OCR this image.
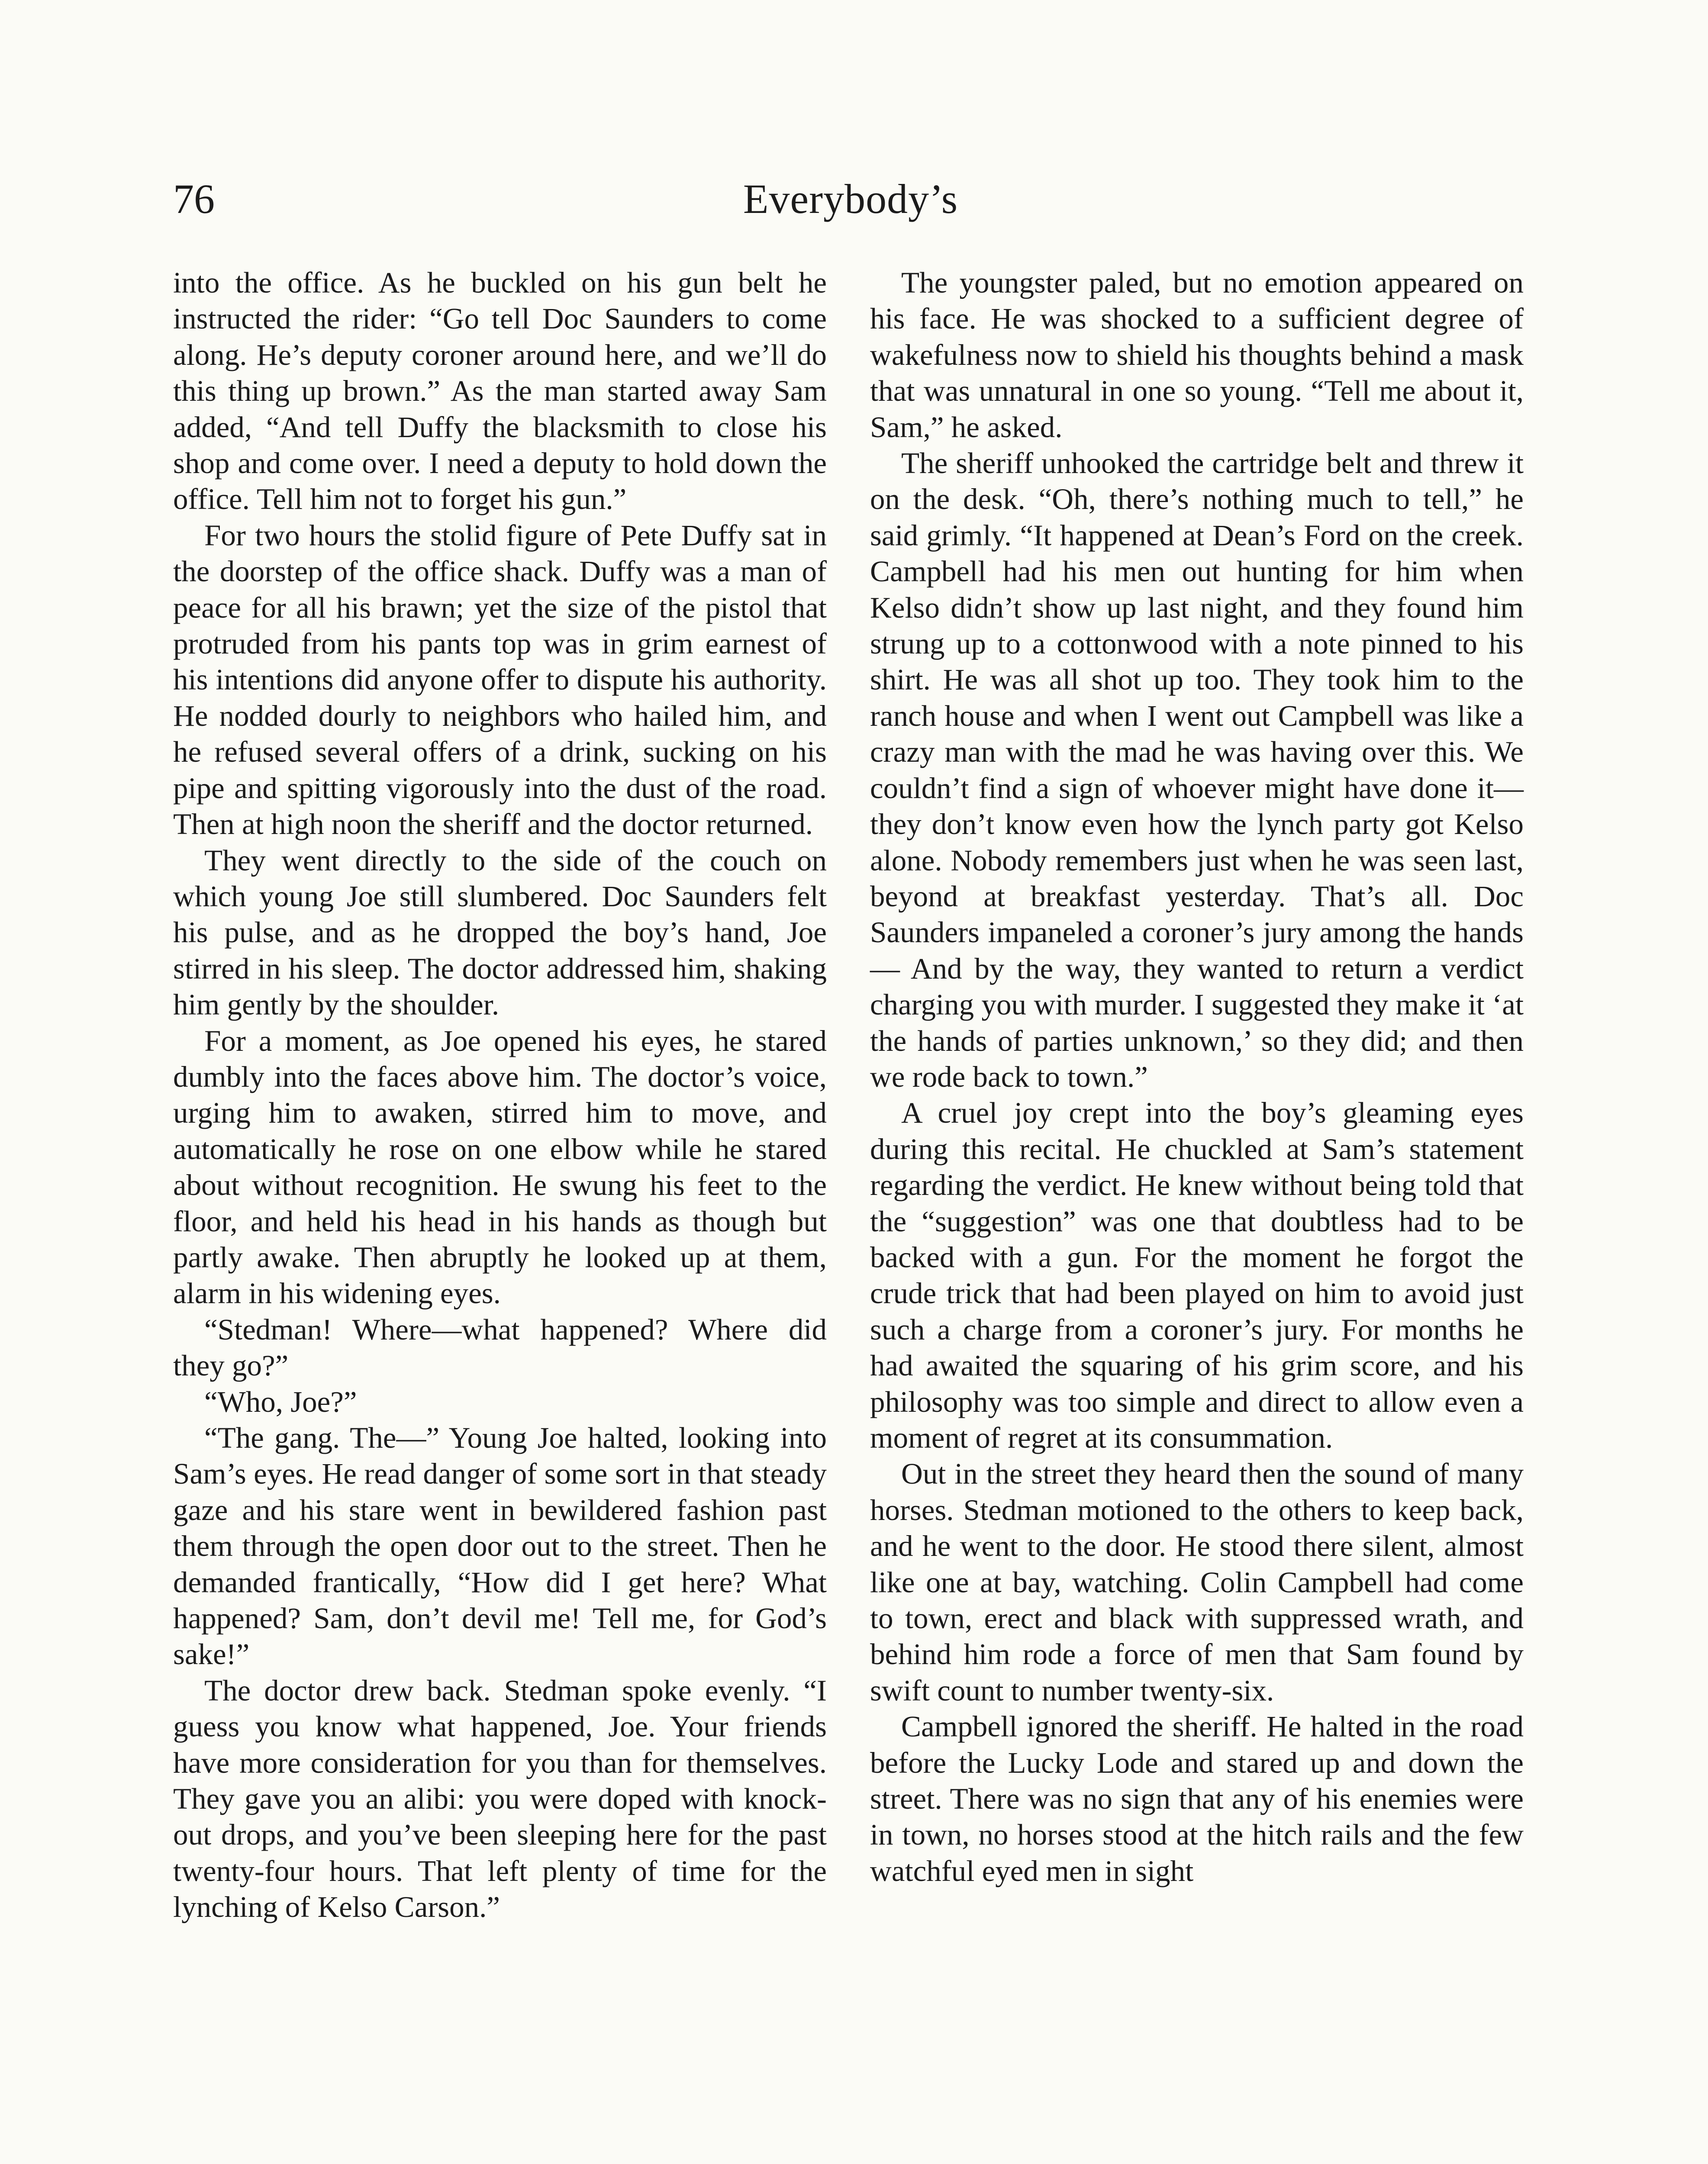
Everybody’s
76

into the office. As he buckled on his gun belt he instructed the rider: “Go tell Doc Saunders to come along. He’s deputy coroner around here, and we’ll do this thing up brown.” As the man started away Sam added, “And tell Duffy the blacksmith to close his shop and come over. I need a deputy to hold down the office. Tell him not to forget his gun.”

For two hours the stolid figure of Pete Duffy sat in the doorstep of the office shack. Duffy was a man of peace for all his brawn; yet the size of the pistol that protruded from his pants top was in grim earnest of his intentions did anyone offer to dispute his authority. He nodded dourly to neighbors who hailed him, and he refused several offers of a drink, sucking on his pipe and spitting vigorously into the dust of the road. Then at high noon the sheriff and the doctor returned.

They went directly to the side of the couch on which young Joe still slumbered. Doc Saunders felt his pulse, and as he dropped the boy’s hand, Joe stirred in his sleep. The doctor addressed him, shaking him gently by the shoulder.

For a moment, as Joe opened his eyes, he stared dumbly into the faces above him. The doctor’s voice, urging him to awaken, stirred him to move, and automatically he rose on one elbow while he stared about without recognition. He swung his feet to the floor, and held his head in his hands as though but partly awake. Then abruptly he looked up at them, alarm in his widening eyes.

“Stedman! Where—what happened? Where did they go?”

“Who, Joe?”

“The gang. The—” Young Joe halted, looking into Sam’s eyes. He read danger of some sort in that steady gaze and his stare went in bewildered fashion past them through the open door out to the street. Then he demanded frantically, “How did I get here? What happened? Sam, don’t devil me! Tell me, for God’s sake!”

The doctor drew back. Stedman spoke evenly. “I guess you know what happened, Joe. Your friends have more consideration for you than for themselves. They gave you an alibi: you were doped with knock-out drops, and you’ve been sleeping here for the past twenty-four hours. That left plenty of time for the lynching of Kelso Carson.”

The youngster paled, but no emotion appeared on his face. He was shocked to a sufficient degree of wakefulness now to shield his thoughts behind a mask that was unnatural in one so young. “Tell me about it, Sam,” he asked.

The sheriff unhooked the cartridge belt and threw it on the desk. “Oh, there’s nothing much to tell,” he said grimly. “It happened at Dean’s Ford on the creek. Campbell had his men out hunting for him when Kelso didn’t show up last night, and they found him strung up to a cottonwood with a note pinned to his shirt. He was all shot up too. They took him to the ranch house and when I went out Campbell was like a crazy man with the mad he was having over this. We couldn’t find a sign of whoever might have done it—they don’t know even how the lynch party got Kelso alone. Nobody remembers just when he was seen last, beyond at breakfast yesterday. That’s all. Doc Saunders impaneled a coroner’s jury among the hands— And by the way, they wanted to return a verdict charging you with murder. I suggested they make it ‘at the hands of parties unknown,’ so they did; and then we rode back to town.”

A cruel joy crept into the boy’s gleaming eyes during this recital. He chuckled at Sam’s statement regarding the verdict. He knew without being told that the “suggestion” was one that doubtless had to be backed with a gun. For the moment he forgot the crude trick that had been played on him to avoid just such a charge from a coroner’s jury. For months he had awaited the squaring of his grim score, and his philosophy was too simple and direct to allow even a moment of regret at its consummation.

Out in the street they heard then the sound of many horses. Stedman motioned to the others to keep back, and he went to the door. He stood there silent, almost like one at bay, watching. Colin Campbell had come to town, erect and black with suppressed wrath, and behind him rode a force of men that Sam found by swift count to number twenty-six.

Campbell ignored the sheriff. He halted in the road before the Lucky Lode and stared up and down the street. There was no sign that any of his enemies were in town, no horses stood at the hitch rails and the few watchful eyed men in sight
